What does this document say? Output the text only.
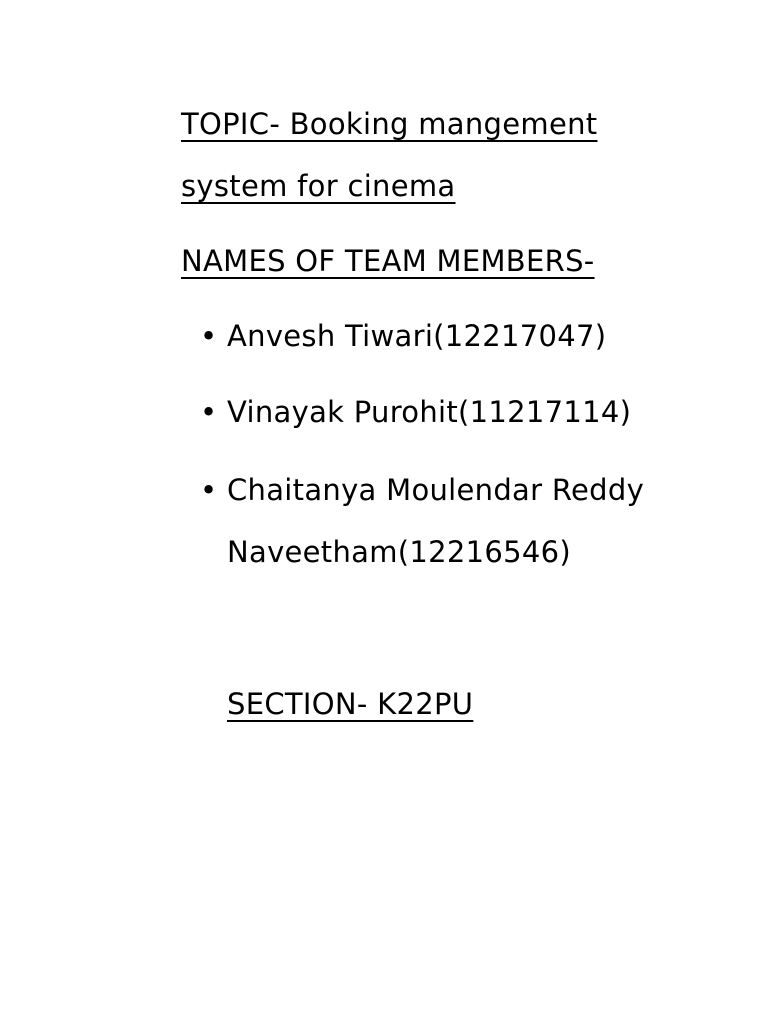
TOPIC- Booking mangement
system for cinema
NAMES OF TEAM MEMBERS-
• Anvesh Tiwari(12217047)
• Vinayak Purohit(11217114)
• Chaitanya Moulendar Reddy
Naveetham(12216546)
SECTION- K22PU
